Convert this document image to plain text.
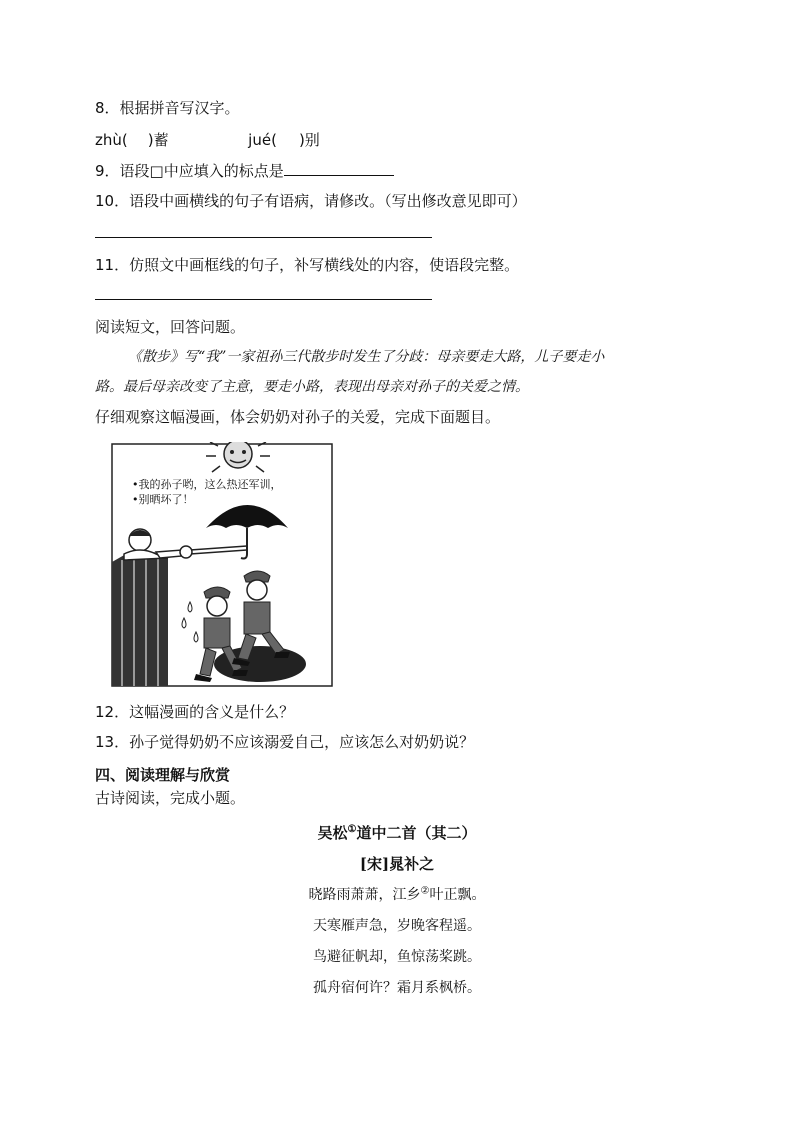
8．根据拼音写汉字。
zhù( )蓄	jué( )别
9．语段□中应填入的标点是
10．语段中画横线的句子有语病，请修改。（写出修改意见即可）
11．仿照文中画框线的句子，补写横线处的内容，使语段完整。
阅读短文，回答问题。
《散步》写“我”一家祖孙三代散步时发生了分歧：母亲要走大路，儿子要走小
路。最后母亲改变了主意，要走小路，表现出母亲对孙子的关爱之情。
仔细观察这幅漫画，体会奶奶对孙子的关爱，完成下面题目。
•我的孙子哟，这么热还军训，
•别晒坏了！
12．这幅漫画的含义是什么？
13．孙子觉得奶奶不应该溺爱自己，应该怎么对奶奶说？
四、阅读理解与欣赏
古诗阅读，完成小题。
吴松①道中二首（其二）
[宋]晁补之
晓路雨萧萧，江乡②叶正飘。
天寒雁声急，岁晚客程遥。
鸟避征帆却，鱼惊荡桨跳。
孤舟宿何许？霜月系枫桥。
